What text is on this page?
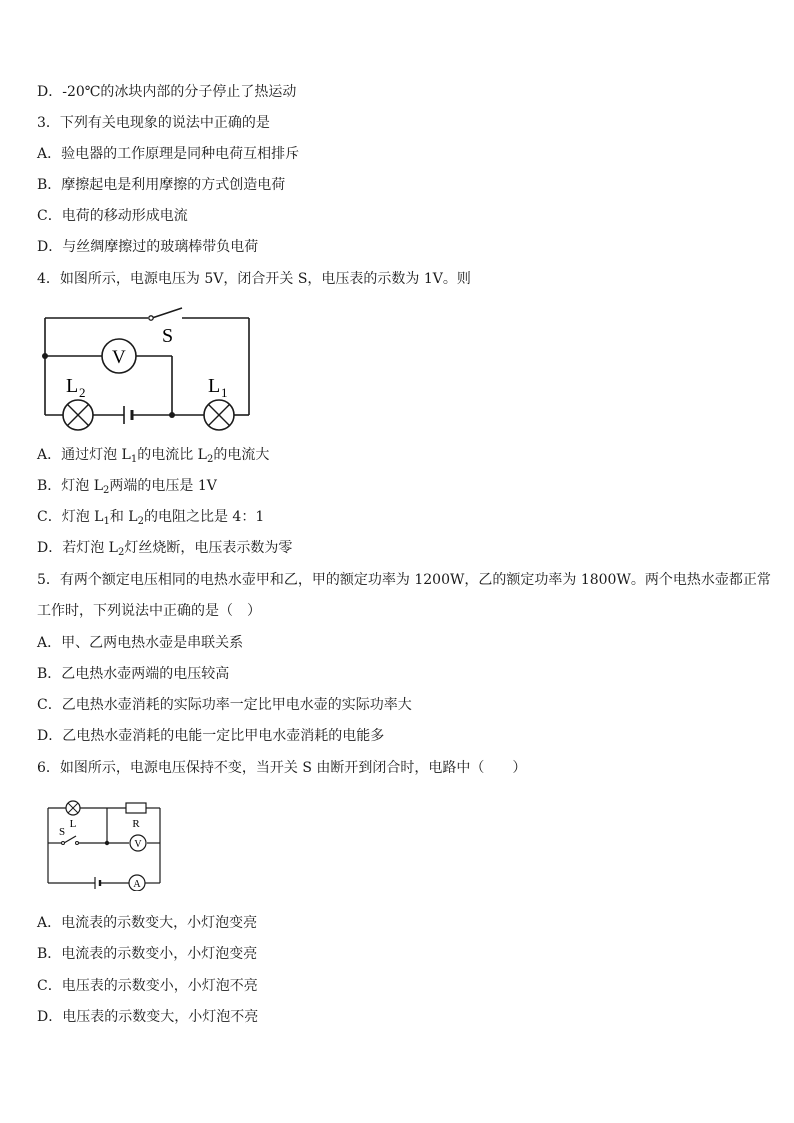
D．-20℃的冰块内部的分子停止了热运动
3．下列有关电现象的说法中正确的是
A．验电器的工作原理是同种电荷互相排斥
B．摩擦起电是利用摩擦的方式创造电荷
C．电荷的移动形成电流
D．与丝绸摩擦过的玻璃棒带负电荷
4．如图所示，电源电压为 5V，闭合开关 S，电压表的示数为 1V。则
S
V
L 2	L 1
A．通过灯泡 $L_1$的电流比 $L_2$的电流大
B．灯泡 $L_2$两端的电压是 1V
C．灯泡 $L_1$和 $L_2$的电阻之比是 4：1
D．若灯泡 $L_2$灯丝烧断，电压表示数为零
5．有两个额定电压相同的电热水壶甲和乙，甲的额定功率为 1200W，乙的额定功率为 1800W。两个电热水壶都正常
工作时，下列说法中正确的是（　）
A．甲、乙两电热水壶是串联关系
B．乙电热水壶两端的电压较高
C．乙电热水壶消耗的实际功率一定比甲电水壶的实际功率大
D．乙电热水壶消耗的电能一定比甲电水壶消耗的电能多
6．如图所示，电源电压保持不变，当开关 S 由断开到闭合时，电路中（　　）
L	R
S
V
A
A．电流表的示数变大，小灯泡变亮
B．电流表的示数变小，小灯泡变亮
C．电压表的示数变小，小灯泡不亮
D．电压表的示数变大，小灯泡不亮
